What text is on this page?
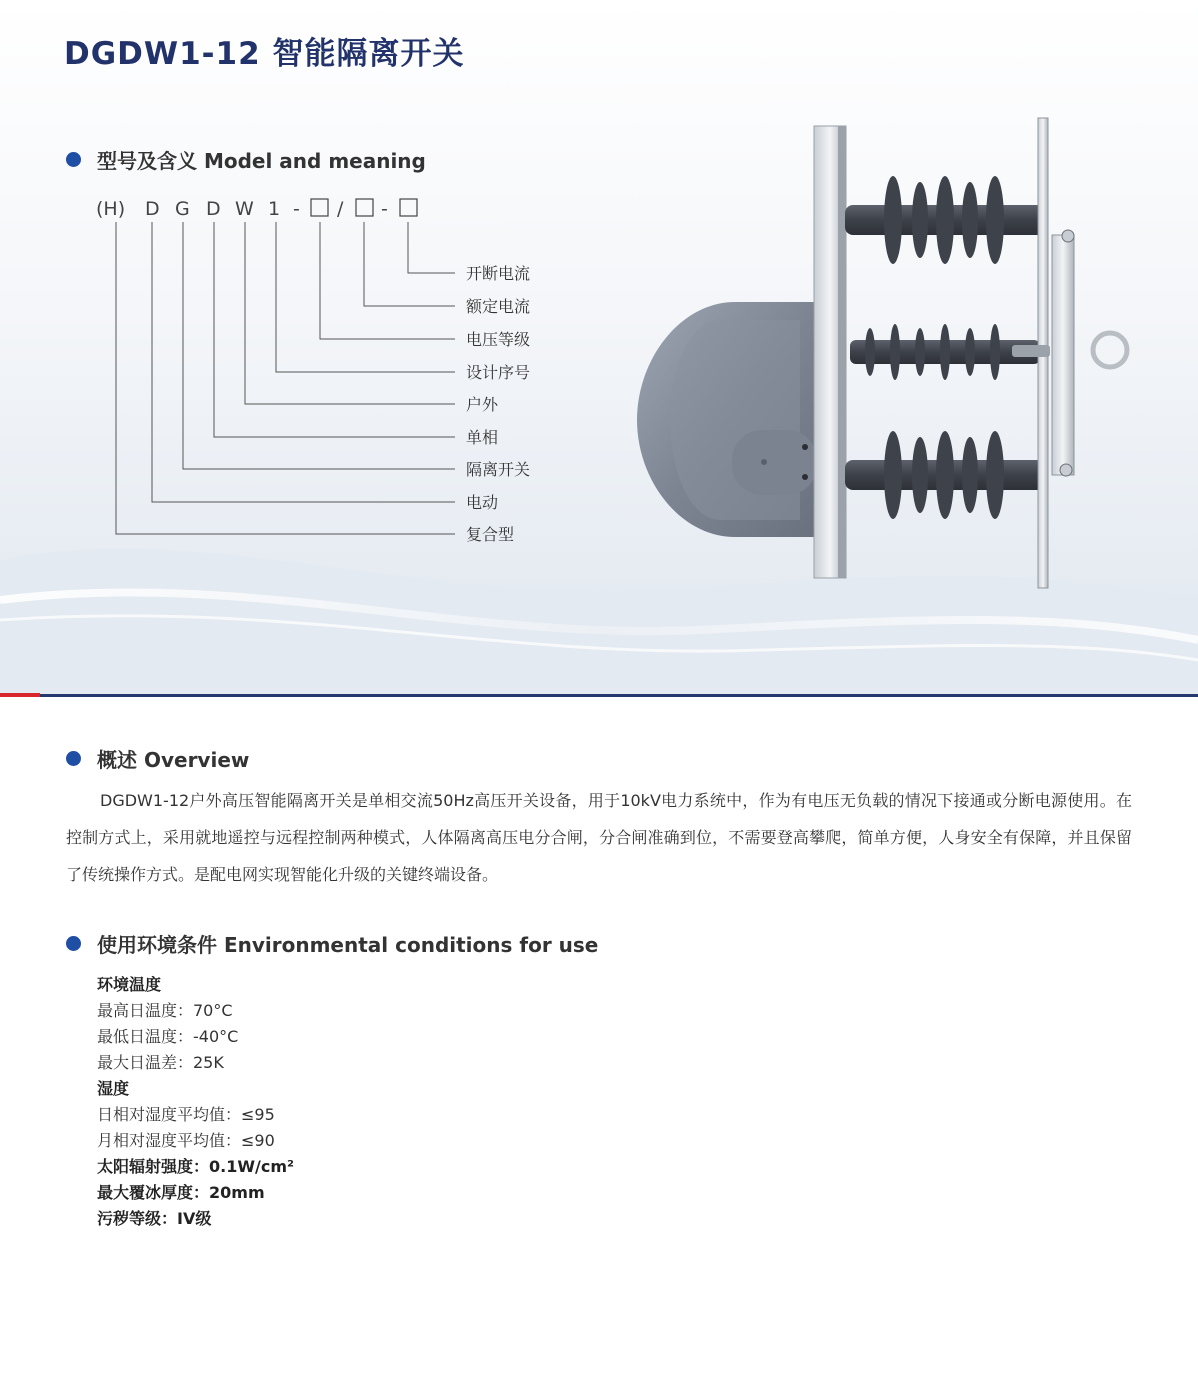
DGDW1-12 智能隔离开关
型号及含义 Model and meaning
(H) D G D W 1 - / -
开断电流
额定电流
电压等级
设计序号
户外
单相
隔离开关
电动
复合型
概述 Overview

DGDW1-12户外高压智能隔离开关是单相交流50Hz高压开关设备，用于10kV电力系统中，作为有电压无负载的情况下接通或分断电源使用。在控制方式上，采用就地遥控与远程控制两种模式，人体隔离高压电分合闸，分合闸准确到位，不需要登高攀爬，简单方便，人身安全有保障，并且保留了传统操作方式。是配电网实现智能化升级的关键终端设备。

使用环境条件 Environmental conditions for use
环境温度
最高日温度：70°C
最低日温度：-40°C
最大日温差：25K
湿度
日相对湿度平均值：≤95
月相对湿度平均值：≤90
太阳辐射强度：0.1W/cm²
最大覆冰厚度：20mm
污秽等级：IV级
